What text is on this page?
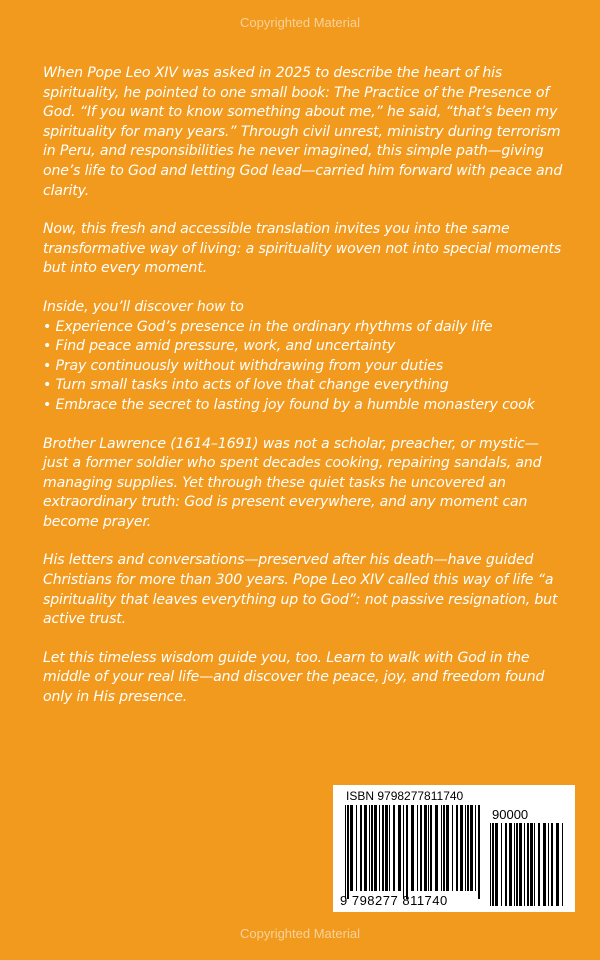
Copyrighted Material

When Pope Leo XIV was asked in 2025 to describe the heart of his spirituality, he pointed to one small book: The Practice of the Presence of God. “If you want to know something about me,” he said, “that’s been my spirituality for many years.” Through civil unrest, ministry during terrorism in Peru, and responsibilities he never imagined, this simple path—giving one’s life to God and letting God lead—carried him forward with peace and clarity.

Now, this fresh and accessible translation invites you into the same transformative way of living: a spirituality woven not into special moments but into every moment.

Inside, you’ll discover how to
• Experience God’s presence in the ordinary rhythms of daily life
• Find peace amid pressure, work, and uncertainty
• Pray continuously without withdrawing from your duties
• Turn small tasks into acts of love that change everything
• Embrace the secret to lasting joy found by a humble monastery cook

Brother Lawrence (1614–1691) was not a scholar, preacher, or mystic—just a former soldier who spent decades cooking, repairing sandals, and managing supplies. Yet through these quiet tasks he uncovered an extraordinary truth: God is present everywhere, and any moment can become prayer.

His letters and conversations—preserved after his death—have guided Christians for more than 300 years. Pope Leo XIV called this way of life “a spirituality that leaves everything up to God”: not passive resignation, but active trust.

Let this timeless wisdom guide you, too. Learn to walk with God in the middle of your real life—and discover the peace, joy, and freedom found only in His presence.

ISBN 9798277811740
90000
9 798277 811740
Copyrighted Material
